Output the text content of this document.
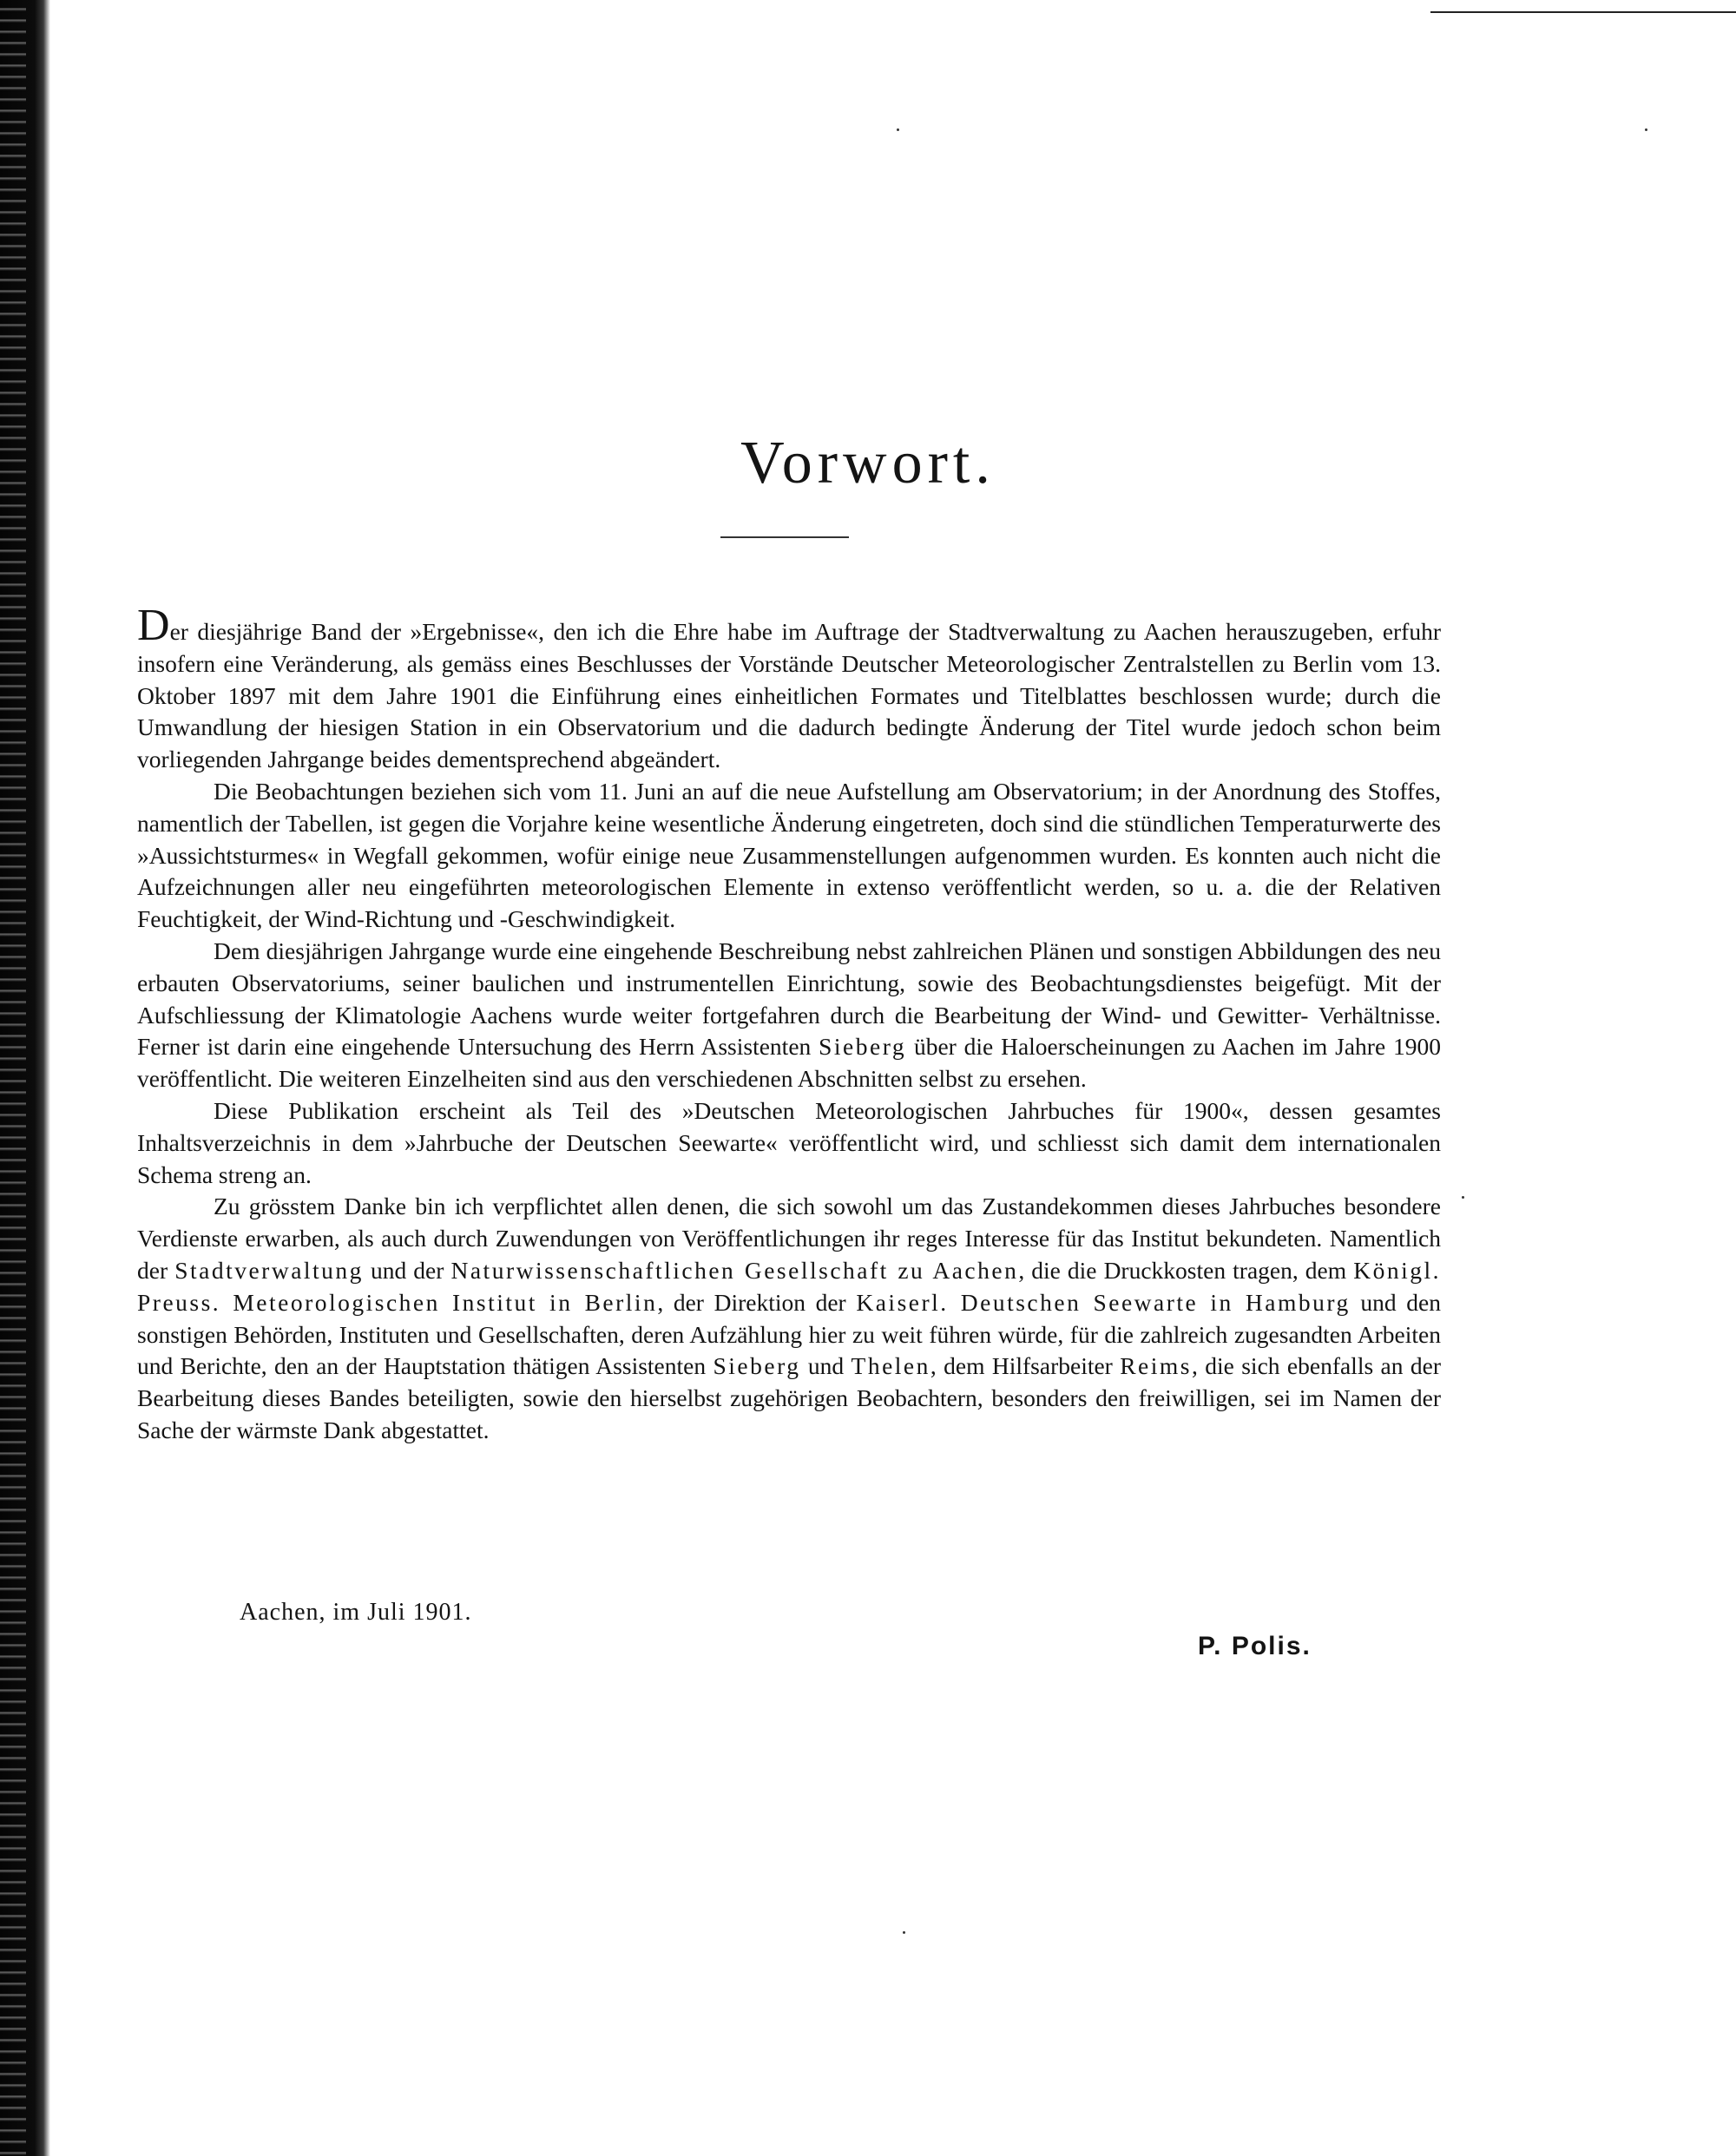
Vorwort.

Der diesjährige Band der »Ergebnisse«, den ich die Ehre habe im Auftrage der Stadtverwaltung zu Aachen herauszugeben, erfuhr insofern eine Veränderung, als gemäss eines Beschlusses der Vorstände Deutscher Meteorologischer Zentralstellen zu Berlin vom 13. Oktober 1897 mit dem Jahre 1901 die Einführung eines einheitlichen Formates und Titelblattes beschlossen wurde; durch die Umwandlung der hiesigen Station in ein Observatorium und die dadurch bedingte Änderung der Titel wurde jedoch schon beim vorliegenden Jahrgange beides dementsprechend abgeändert.

Die Beobachtungen beziehen sich vom 11. Juni an auf die neue Aufstellung am Observatorium; in der Anordnung des Stoffes, namentlich der Tabellen, ist gegen die Vorjahre keine wesentliche Änderung eingetreten, doch sind die stündlichen Temperaturwerte des »Aussichtsturmes« in Wegfall gekommen, wofür einige neue Zusammenstellungen aufgenommen wurden. Es konnten auch nicht die Aufzeichnungen aller neu eingeführten meteorologischen Elemente in extenso veröffentlicht werden, so u. a. die der Relativen Feuchtigkeit, der Wind-Richtung und -Geschwindigkeit.

Dem diesjährigen Jahrgange wurde eine eingehende Beschreibung nebst zahlreichen Plänen und sonstigen Abbildungen des neu erbauten Observatoriums, seiner baulichen und instrumentellen Einrichtung, sowie des Beobachtungsdienstes beigefügt. Mit der Aufschliessung der Klimatologie Aachens wurde weiter fortgefahren durch die Bearbeitung der Wind- und Gewitter- Verhältnisse. Ferner ist darin eine eingehende Untersuchung des Herrn Assistenten Sieberg über die Haloerscheinungen zu Aachen im Jahre 1900 veröffentlicht. Die weiteren Einzelheiten sind aus den verschiedenen Abschnitten selbst zu ersehen.

Diese Publikation erscheint als Teil des »Deutschen Meteorologischen Jahrbuches für 1900«, dessen gesamtes Inhaltsverzeichnis in dem »Jahrbuche der Deutschen Seewarte« veröffentlicht wird, und schliesst sich damit dem internationalen Schema streng an.

Zu grösstem Danke bin ich verpflichtet allen denen, die sich sowohl um das Zustandekommen dieses Jahrbuches besondere Verdienste erwarben, als auch durch Zuwendungen von Veröffentlichungen ihr reges Interesse für das Institut bekundeten. Namentlich der Stadtverwaltung und der Naturwissenschaftlichen Gesellschaft zu Aachen, die die Druckkosten tragen, dem Königl. Preuss. Meteorologischen Institut in Berlin, der Direktion der Kaiserl. Deutschen Seewarte in Hamburg und den sonstigen Behörden, Instituten und Gesellschaften, deren Aufzählung hier zu weit führen würde, für die zahlreich zugesandten Arbeiten und Berichte, den an der Hauptstation thätigen Assistenten Sieberg und Thelen, dem Hilfsarbeiter Reims, die sich ebenfalls an der Bearbeitung dieses Bandes beteiligten, sowie den hierselbst zugehörigen Beobachtern, besonders den freiwilligen, sei im Namen der Sache der wärmste Dank abgestattet.

Aachen, im Juli 1901.
P. Polis.
